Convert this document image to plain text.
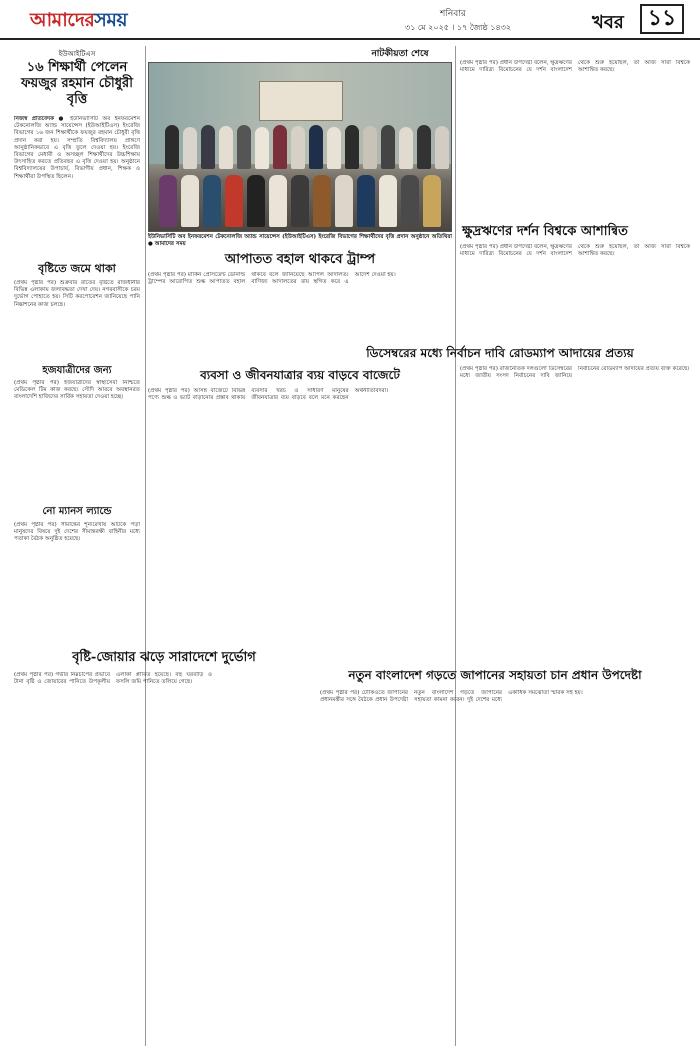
আমাদেরসময়	শনিবার
৩১ মে ২০২৫ । ১৭ জ্যৈষ্ঠ ১৪৩২	খবর	১১
ইউআইটিএস
১৬ শিক্ষার্থী পেলেন ফয়জুর রহমান চৌধুরী বৃত্তি

নিজস্ব প্রতিবেদক ● ইউনিভার্সিটি অব ইনফরমেশন টেকনোলজি অ্যান্ড সায়েন্সেস (ইউআইটিএস) ইংরেজি বিভাগের ১৬ জন শিক্ষার্থীকে ফয়জুর রহমান চৌধুরী বৃত্তি প্রদান করা হয়। সম্প্রতি বিশ্ববিদ্যালয় প্রাঙ্গণে আনুষ্ঠানিকভাবে এ বৃত্তি তুলে দেওয়া হয়। ইংরেজি বিভাগের মেধাবী ও অসচ্ছল শিক্ষার্থীদের উচ্চশিক্ষায় উৎসাহিত করতে প্রতিবছর এ বৃত্তি দেওয়া হয়। অনুষ্ঠানে বিশ্ববিদ্যালয়ের উপাচার্য, বিভাগীয় প্রধান, শিক্ষক ও শিক্ষার্থীরা উপস্থিত ছিলেন।

বৃষ্টিতে জমে থাকা
(প্রথম পৃষ্ঠার পর) শুক্রবার রাতের বৃষ্টিতে রাজধানীর বিভিন্ন এলাকায় জলাবদ্ধতা দেখা দেয়। নগরবাসীকে চরম দুর্ভোগ পোহাতে হয়। সিটি করপোরেশন জানিয়েছে পানি নিষ্কাশনের কাজ চলছে।
হজযাত্রীদের জন্য
(প্রথম পৃষ্ঠার পর) হজযাত্রীদের স্বাস্থ্যসেবা নিশ্চিতে মেডিকেল টিম কাজ করছে। সৌদি আরবে অবস্থানরত বাংলাদেশি হাজিদের সার্বিক সহায়তা দেওয়া হচ্ছে।
নো ম্যানস ল্যান্ডে
(প্রথম পৃষ্ঠার পর) সীমান্তের শূন্যরেখায় আটকে পড়া মানুষদের বিষয়ে দুই দেশের সীমান্তরক্ষী বাহিনীর মধ্যে পতাকা বৈঠক অনুষ্ঠিত হয়েছে।
ইউনিভার্সিটি অব ইনফরমেশন টেকনোলজি অ্যান্ড সায়েন্সেস (ইউআইটিএস) ইংরেজি বিভাগের শিক্ষার্থীদের বৃত্তি প্রদান অনুষ্ঠানে অতিথিরা ● আমাদের সময়
আপাতত বহাল থাকবে ট্রাম্প
(প্রথম পৃষ্ঠার পর) মার্কিন প্রেসিডেন্ট ডোনাল্ড ট্রাম্পের আরোপিত শুল্ক আপাতত বহাল থাকবে বলে জানিয়েছে আপিল আদালত। বাণিজ্য আদালতের রায় স্থগিত করে এ আদেশ দেওয়া হয়।
ব্যবসা ও জীবনযাত্রার ব্যয় বাড়বে বাজেটে
(প্রথম পৃষ্ঠার পর) আসন্ন বাজেটে বিভিন্ন পণ্যে শুল্ক ও ভ্যাট বাড়ানোর প্রস্তাব থাকায় ব্যবসার খরচ ও সাধারণ মানুষের জীবনযাত্রার ব্যয় বাড়বে বলে মনে করছেন অর্থনীতিবিদরা।
বৃষ্টি-জোয়ার ঝড়ে সারাদেশে দুর্ভোগ
(প্রথম পৃষ্ঠার পর) গভীর নিম্নচাপের প্রভাবে টানা বৃষ্টি ও জোয়ারের পানিতে উপকূলীয় এলাকা প্লাবিত হয়েছে। বহু ঘরবাড়ি ও ফসলি জমি পানিতে তলিয়ে গেছে।
নাটকীয়তা শেষে
ক্ষুদ্রঋণের দর্শন বিশ্বকে আশান্বিত
(প্রথম পৃষ্ঠার পর) প্রধান উপদেষ্টা বলেন, ক্ষুদ্রঋণের মাধ্যমে দারিদ্র্য বিমোচনের যে দর্শন বাংলাদেশ থেকে শুরু হয়েছিল, তা আজ সারা বিশ্বকে আশান্বিত করছে।
(প্রথম পৃষ্ঠার পর) প্রধান উপদেষ্টা বলেন, ক্ষুদ্রঋণের মাধ্যমে দারিদ্র্য বিমোচনের যে দর্শন বাংলাদেশ থেকে শুরু হয়েছিল, তা আজ সারা বিশ্বকে আশান্বিত করছে।
ডিসেম্বরের মধ্যে নির্বাচন দাবি রোডম্যাপ আদায়ের প্রত্যয়
(প্রথম পৃষ্ঠার পর) রাজনৈতিক দলগুলো ডিসেম্বরের মধ্যে জাতীয় সংসদ নির্বাচনের দাবি জানিয়ে নির্বাচনের রোডম্যাপ আদায়ের প্রত্যয় ব্যক্ত করেছে।
নতুন বাংলাদেশ গড়তে জাপানের সহায়তা চান প্রধান উপদেষ্টা
(প্রথম পৃষ্ঠার পর) টোকিওতে জাপানের প্রধানমন্ত্রীর সঙ্গে বৈঠকে প্রধান উপদেষ্টা নতুন বাংলাদেশ গড়তে জাপানের সহায়তা কামনা করেন। দুই দেশের মধ্যে একাধিক সমঝোতা স্মারক সই হয়।
